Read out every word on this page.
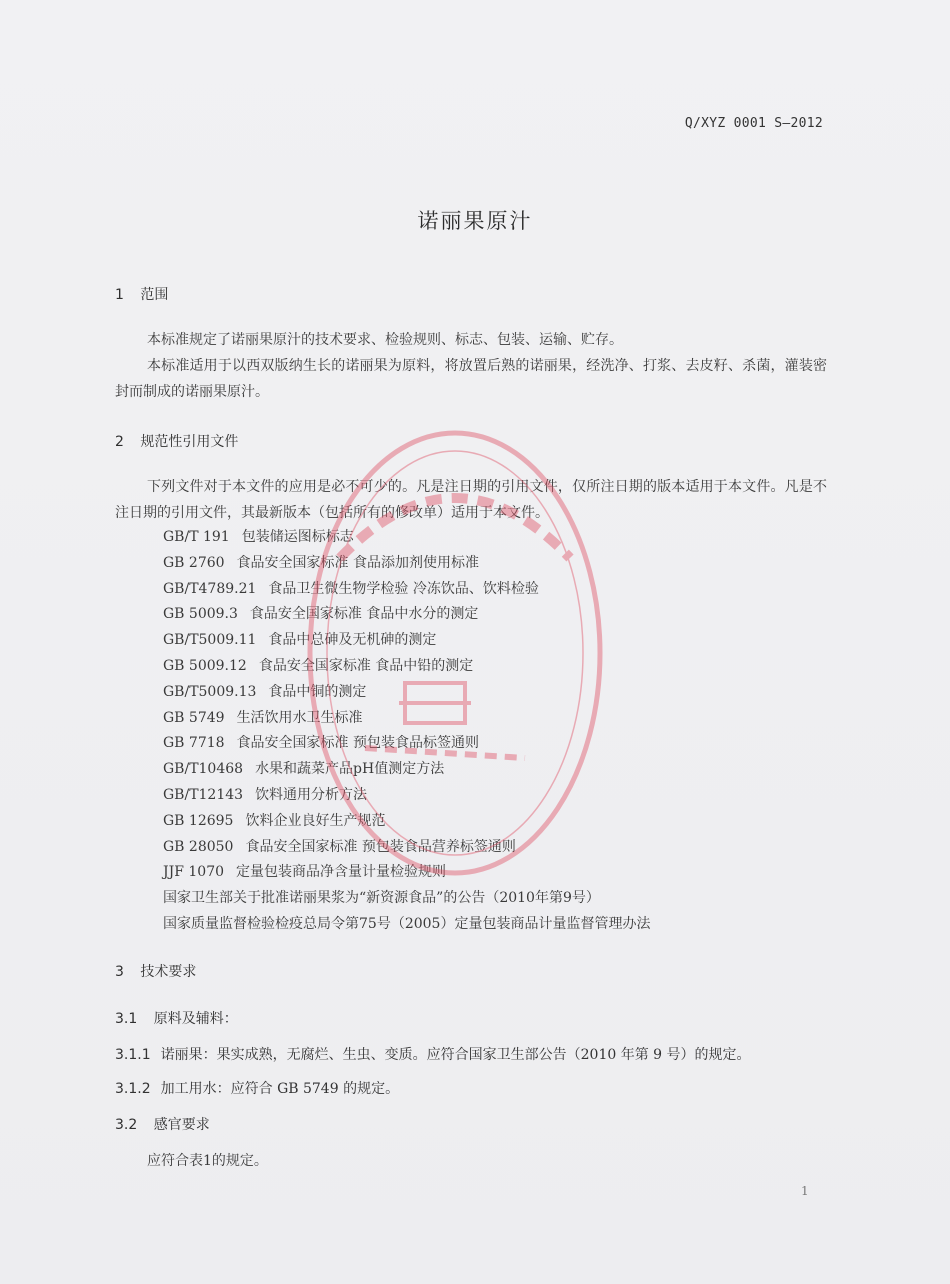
Q/XYZ 0001 S—2012
诺丽果原汁
1 范围
本标准规定了诺丽果原汁的技术要求、检验规则、标志、包装、运输、贮存。
本标准适用于以西双版纳生长的诺丽果为原料，将放置后熟的诺丽果，经洗净、打浆、去皮籽、杀菌，灌装密封而制成的诺丽果原汁。
2 规范性引用文件
下列文件对于本文件的应用是必不可少的。凡是注日期的引用文件，仅所注日期的版本适用于本文件。凡是不注日期的引用文件，其最新版本（包括所有的修改单）适用于本文件。
GB/T 191 包装储运图标标志
GB 2760 食品安全国家标准 食品添加剂使用标准
GB/T4789.21 食品卫生微生物学检验 冷冻饮品、饮料检验
GB 5009.3 食品安全国家标准 食品中水分的测定
GB/T5009.11 食品中总砷及无机砷的测定
GB 5009.12 食品安全国家标准 食品中铅的测定
GB/T5009.13 食品中铜的测定
GB 5749 生活饮用水卫生标准
GB 7718 食品安全国家标准 预包装食品标签通则
GB/T10468 水果和蔬菜产品pH值测定方法
GB/T12143 饮料通用分析方法
GB 12695 饮料企业良好生产规范
GB 28050 食品安全国家标准 预包装食品营养标签通则
JJF 1070 定量包装商品净含量计量检验规则
国家卫生部关于批准诺丽果浆为“新资源食品”的公告（2010年第9号）
国家质量监督检验检疫总局令第75号（2005）定量包装商品计量监督管理办法
3 技术要求
3.1 原料及辅料：
3.1.1 诺丽果：果实成熟，无腐烂、生虫、变质。应符合国家卫生部公告（2010 年第 9 号）的规定。
3.1.2 加工用水：应符合 GB 5749 的规定。
3.2 感官要求
应符合表1的规定。
1
